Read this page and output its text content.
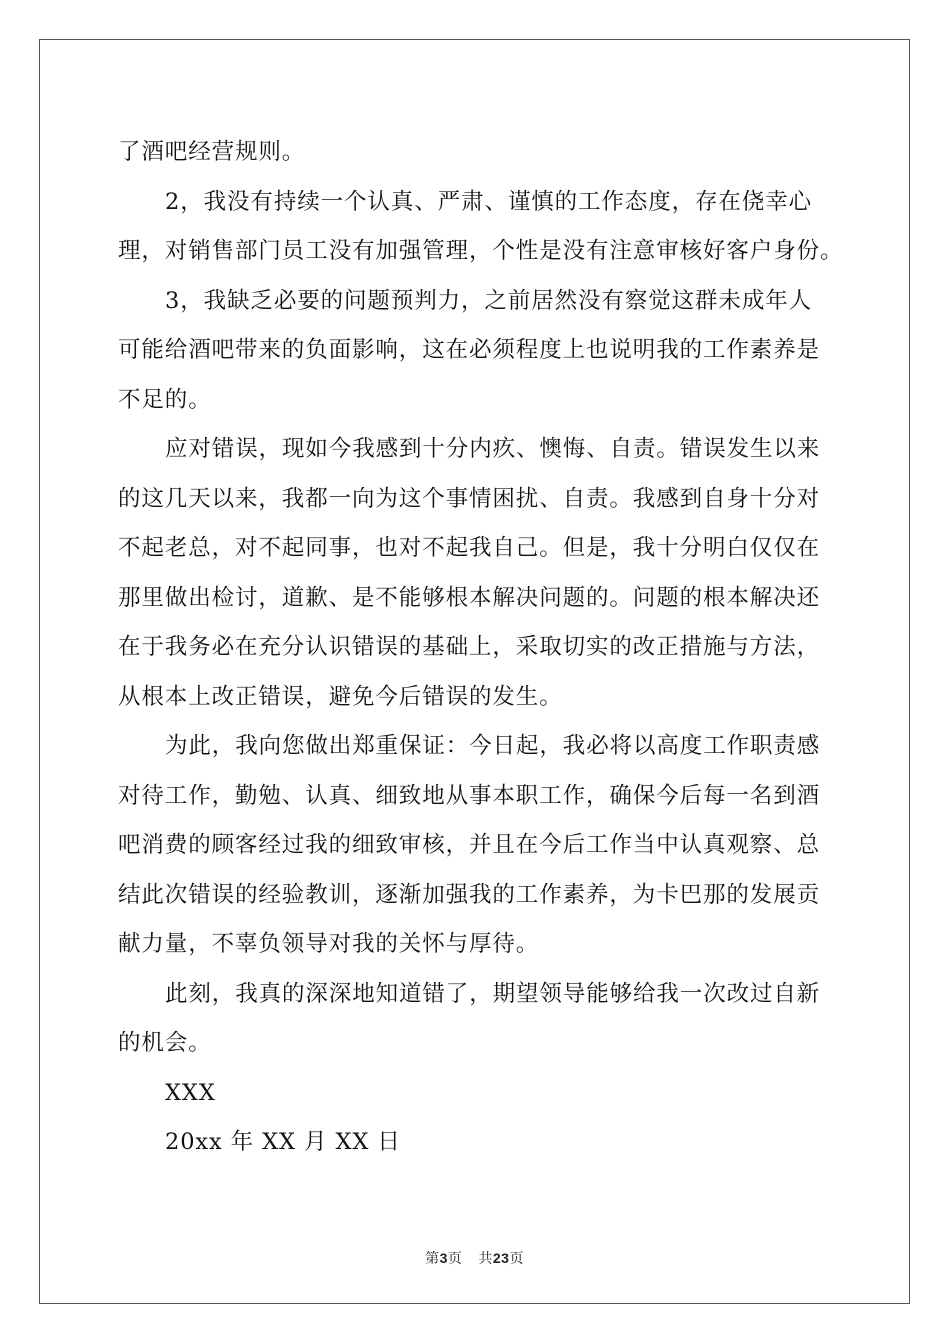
了酒吧经营规则。
2，我没有持续一个认真、严肃、谨慎的工作态度，存在侥幸心
理，对销售部门员工没有加强管理，个性是没有注意审核好客户身份。
3，我缺乏必要的问题预判力，之前居然没有察觉这群未成年人
可能给酒吧带来的负面影响，这在必须程度上也说明我的工作素养是
不足的。
应对错误，现如今我感到十分内疚、懊悔、自责。错误发生以来
的这几天以来，我都一向为这个事情困扰、自责。我感到自身十分对
不起老总，对不起同事，也对不起我自己。但是，我十分明白仅仅在
那里做出检讨，道歉、是不能够根本解决问题的。问题的根本解决还
在于我务必在充分认识错误的基础上，采取切实的改正措施与方法，
从根本上改正错误，避免今后错误的发生。
为此，我向您做出郑重保证：今日起，我必将以高度工作职责感
对待工作，勤勉、认真、细致地从事本职工作，确保今后每一名到酒
吧消费的顾客经过我的细致审核，并且在今后工作当中认真观察、总
结此次错误的经验教训，逐渐加强我的工作素养，为卡巴那的发展贡
献力量，不辜负领导对我的关怀与厚待。
此刻，我真的深深地知道错了，期望领导能够给我一次改过自新
的机会。
XXX
20xx 年 XX 月 XX 日
第3页 共23页
